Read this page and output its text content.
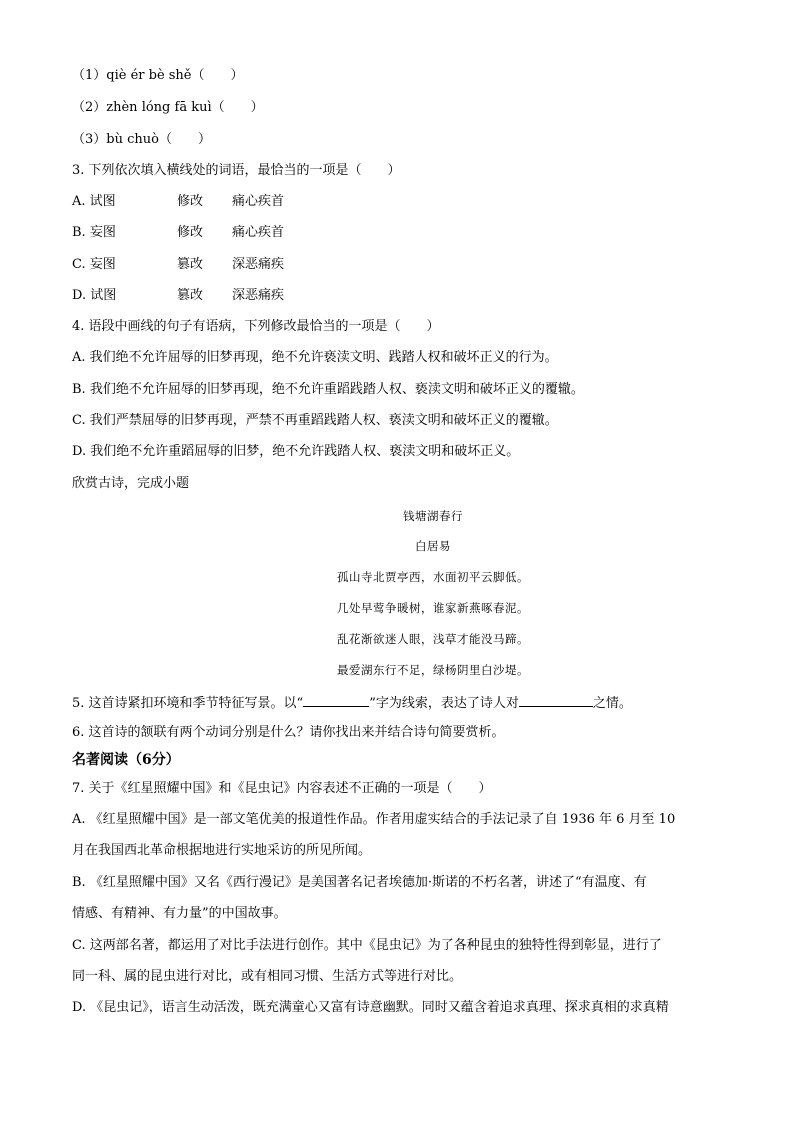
（1）qiè ér bè shě（　　）
（2）zhèn lóng fā kuì（　　）
（3）bù chuò（　　）
3. 下列依次填入横线处的词语，最恰当的一项是（　　）
A. 试图	修改 痛心疾首
B. 妄图	修改 痛心疾首
C. 妄图	篡改 深恶痛疾
D. 试图	篡改 深恶痛疾
4. 语段中画线的句子有语病，下列修改最恰当的一项是（　　）
A. 我们绝不允许屈辱的旧梦再现，绝不允许亵渎文明、践踏人权和破坏正义的行为。
B. 我们绝不允许屈辱的旧梦再现，绝不允许重蹈践踏人权、亵渎文明和破坏正义的覆辙。
C. 我们严禁屈辱的旧梦再现，严禁不再重蹈践踏人权、亵渎文明和破坏正义的覆辙。
D. 我们绝不允许重蹈屈辱的旧梦，绝不允许践踏人权、亵渎文明和破坏正义。
欣赏古诗，完成小题
钱塘湖春行
白居易
孤山寺北贾亭西，水面初平云脚低。
几处早莺争暖树，谁家新燕啄春泥。
乱花渐欲迷人眼，浅草才能没马蹄。
最爱湖东行不足，绿杨阴里白沙堤。
5. 这首诗紧扣环境和季节特征写景。以“	”字为线索，表达了诗人对	之情。
6. 这首诗的颔联有两个动词分别是什么？请你找出来并结合诗句简要赏析。
名著阅读（6分）
7. 关于《红星照耀中国》和《昆虫记》内容表述不正确的一项是（　　）
A. 《红星照耀中国》是一部文笔优美的报道性作品。作者用虚实结合的手法记录了自 1936 年 6 月至 10
月在我国西北革命根据地进行实地采访的所见所闻。
B. 《红星照耀中国》又名《西行漫记》是美国著名记者埃德加·斯诺的不朽名著，讲述了“有温度、有
情感、有精神、有力量”的中国故事。
C. 这两部名著，都运用了对比手法进行创作。其中《昆虫记》为了各种昆虫的独特性得到彰显，进行了
同一科、属的昆虫进行对比，或有相同习惯、生活方式等进行对比。
D. 《昆虫记》，语言生动活泼，既充满童心又富有诗意幽默。同时又蕴含着追求真理、探求真相的求真精
